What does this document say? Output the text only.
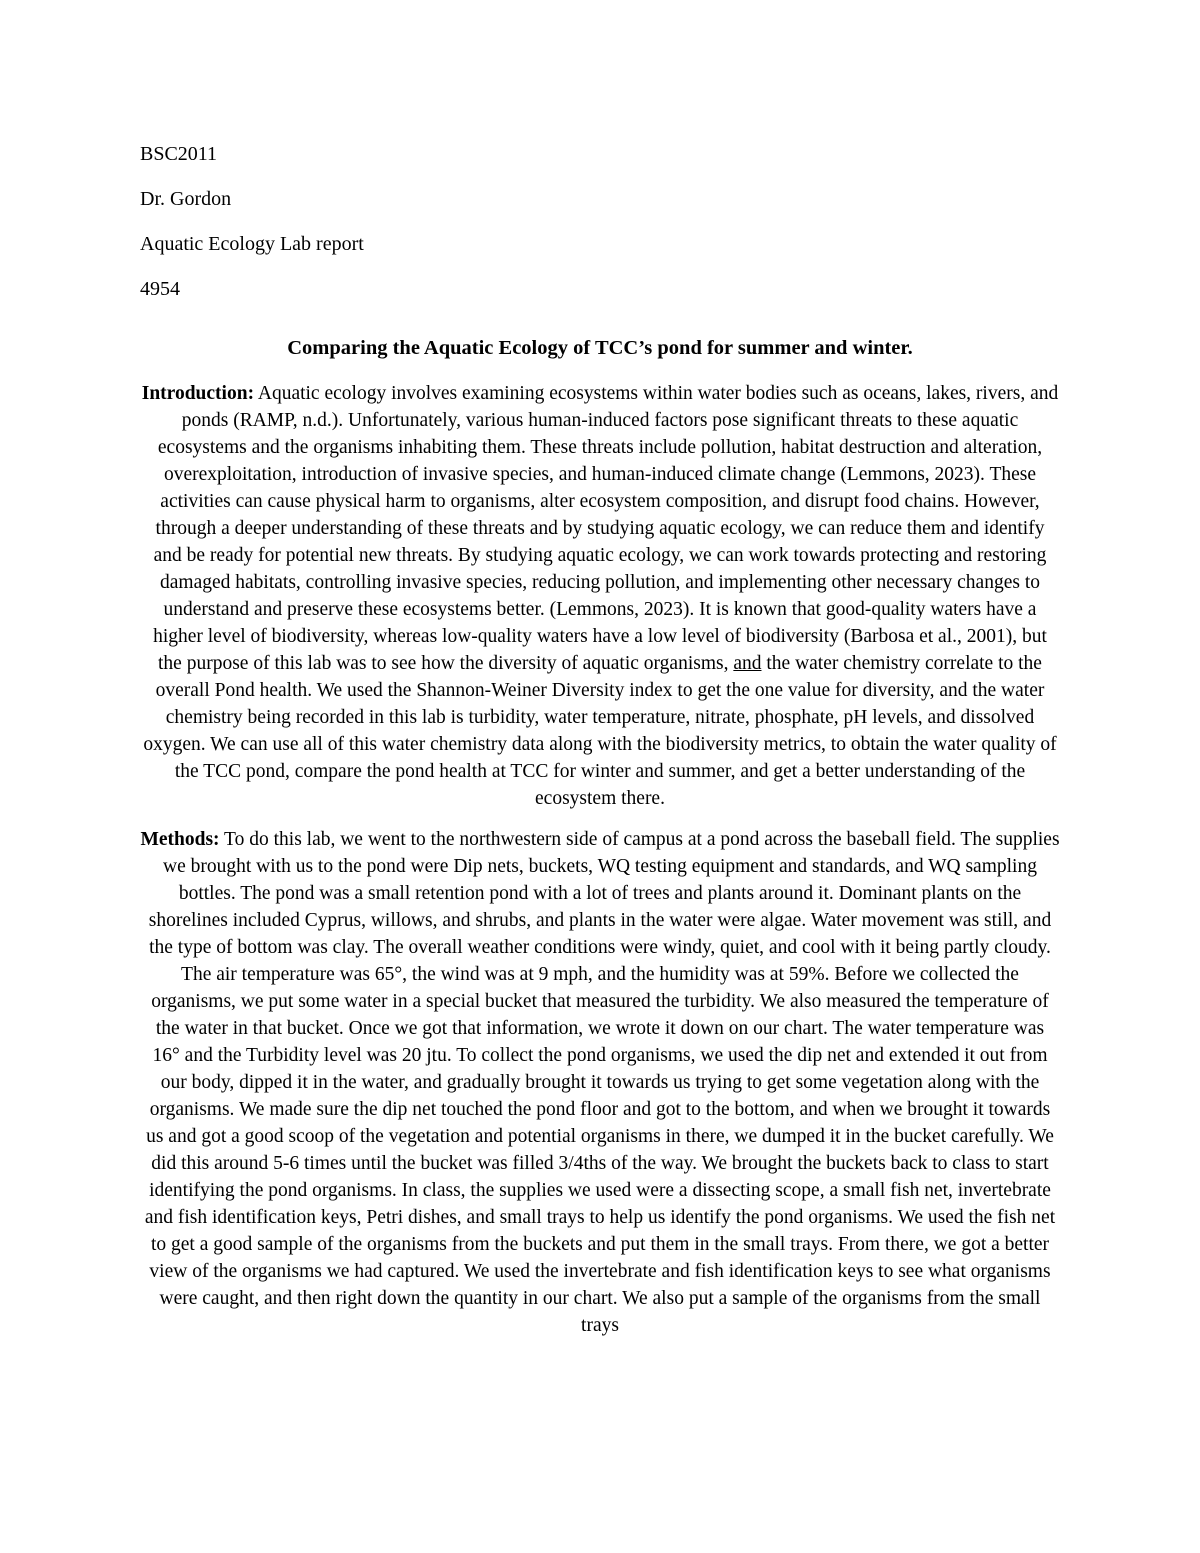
BSC2011

Dr. Gordon

Aquatic Ecology Lab report

4954

Comparing the Aquatic Ecology of TCC’s pond for summer and winter.

Introduction: Aquatic ecology involves examining ecosystems within water bodies such as oceans, lakes, rivers, and ponds (RAMP, n.d.). Unfortunately, various human-induced factors pose significant threats to these aquatic ecosystems and the organisms inhabiting them. These threats include pollution, habitat destruction and alteration, overexploitation, introduction of invasive species, and human-induced climate change (Lemmons, 2023). These activities can cause physical harm to organisms, alter ecosystem composition, and disrupt food chains. However, through a deeper understanding of these threats and by studying aquatic ecology, we can reduce them and identify and be ready for potential new threats. By studying aquatic ecology, we can work towards protecting and restoring damaged habitats, controlling invasive species, reducing pollution, and implementing other necessary changes to understand and preserve these ecosystems better. (Lemmons, 2023). It is known that good-quality waters have a higher level of biodiversity, whereas low-quality waters have a low level of biodiversity (Barbosa et al., 2001), but the purpose of this lab was to see how the diversity of aquatic organisms, and the water chemistry correlate to the overall Pond health. We used the Shannon-Weiner Diversity index to get the one value for diversity, and the water chemistry being recorded in this lab is turbidity, water temperature, nitrate, phosphate, pH levels, and dissolved oxygen. We can use all of this water chemistry data along with the biodiversity metrics, to obtain the water quality of the TCC pond, compare the pond health at TCC for winter and summer, and get a better understanding of the ecosystem there.

Methods: To do this lab, we went to the northwestern side of campus at a pond across the baseball field. The supplies we brought with us to the pond were Dip nets, buckets, WQ testing equipment and standards, and WQ sampling bottles. The pond was a small retention pond with a lot of trees and plants around it. Dominant plants on the shorelines included Cyprus, willows, and shrubs, and plants in the water were algae. Water movement was still, and the type of bottom was clay. The overall weather conditions were windy, quiet, and cool with it being partly cloudy. The air temperature was 65°, the wind was at 9 mph, and the humidity was at 59%. Before we collected the organisms, we put some water in a special bucket that measured the turbidity. We also measured the temperature of the water in that bucket. Once we got that information, we wrote it down on our chart. The water temperature was 16° and the Turbidity level was 20 jtu. To collect the pond organisms, we used the dip net and extended it out from our body, dipped it in the water, and gradually brought it towards us trying to get some vegetation along with the organisms. We made sure the dip net touched the pond floor and got to the bottom, and when we brought it towards us and got a good scoop of the vegetation and potential organisms in there, we dumped it in the bucket carefully. We did this around 5-6 times until the bucket was filled 3/4ths of the way. We brought the buckets back to class to start identifying the pond organisms. In class, the supplies we used were a dissecting scope, a small fish net, invertebrate and fish identification keys, Petri dishes, and small trays to help us identify the pond organisms. We used the fish net to get a good sample of the organisms from the buckets and put them in the small trays. From there, we got a better view of the organisms we had captured. We used the invertebrate and fish identification keys to see what organisms were caught, and then right down the quantity in our chart. We also put a sample of the organisms from the small trays
